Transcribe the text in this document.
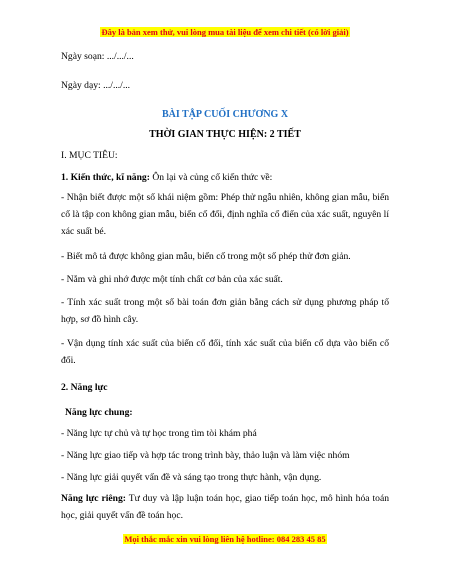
Đây là bản xem thử, vui lòng mua tài liệu để xem chi tiết (có lời giải)
Ngày soạn: .../.../...
Ngày dạy: .../.../...
BÀI TẬP CUỐI CHƯƠNG X
THỜI GIAN THỰC HIỆN: 2 TIẾT
I. MỤC TIÊU:
1. Kiến thức, kĩ năng: Ôn lại và củng cố kiến thức về:
- Nhận biết được một số khái niệm gồm: Phép thử ngẫu nhiên, không gian mẫu, biến cố là tập con không gian mẫu, biến cố đối, định nghĩa cổ điển của xác suất, nguyên lí xác suất bé.
- Biết mô tả được không gian mẫu, biến cố trong một số phép thử đơn giản.
- Nắm và ghi nhớ được một tính chất cơ bản của xác suất.
- Tính xác suất trong một số bài toán đơn giản bằng cách sử dụng phương pháp tổ hợp, sơ đồ hình cây.
- Vận dụng tính xác suất của biến cố đối, tính xác suất của biến cố dựa vào biến cố đối.
2. Năng lực
Năng lực chung:
- Năng lực tự chủ và tự học trong tìm tòi khám phá
- Năng lực giao tiếp và hợp tác trong trình bày, thảo luận và làm việc nhóm
- Năng lực giải quyết vấn đề và sáng tạo trong thực hành, vận dụng.
Năng lực riêng: Tư duy và lập luận toán học, giao tiếp toán học, mô hình hóa toán học, giải quyết vấn đề toán học.
Mọi thắc mắc xin vui lòng liên hệ hotline: 084 283 45 85
